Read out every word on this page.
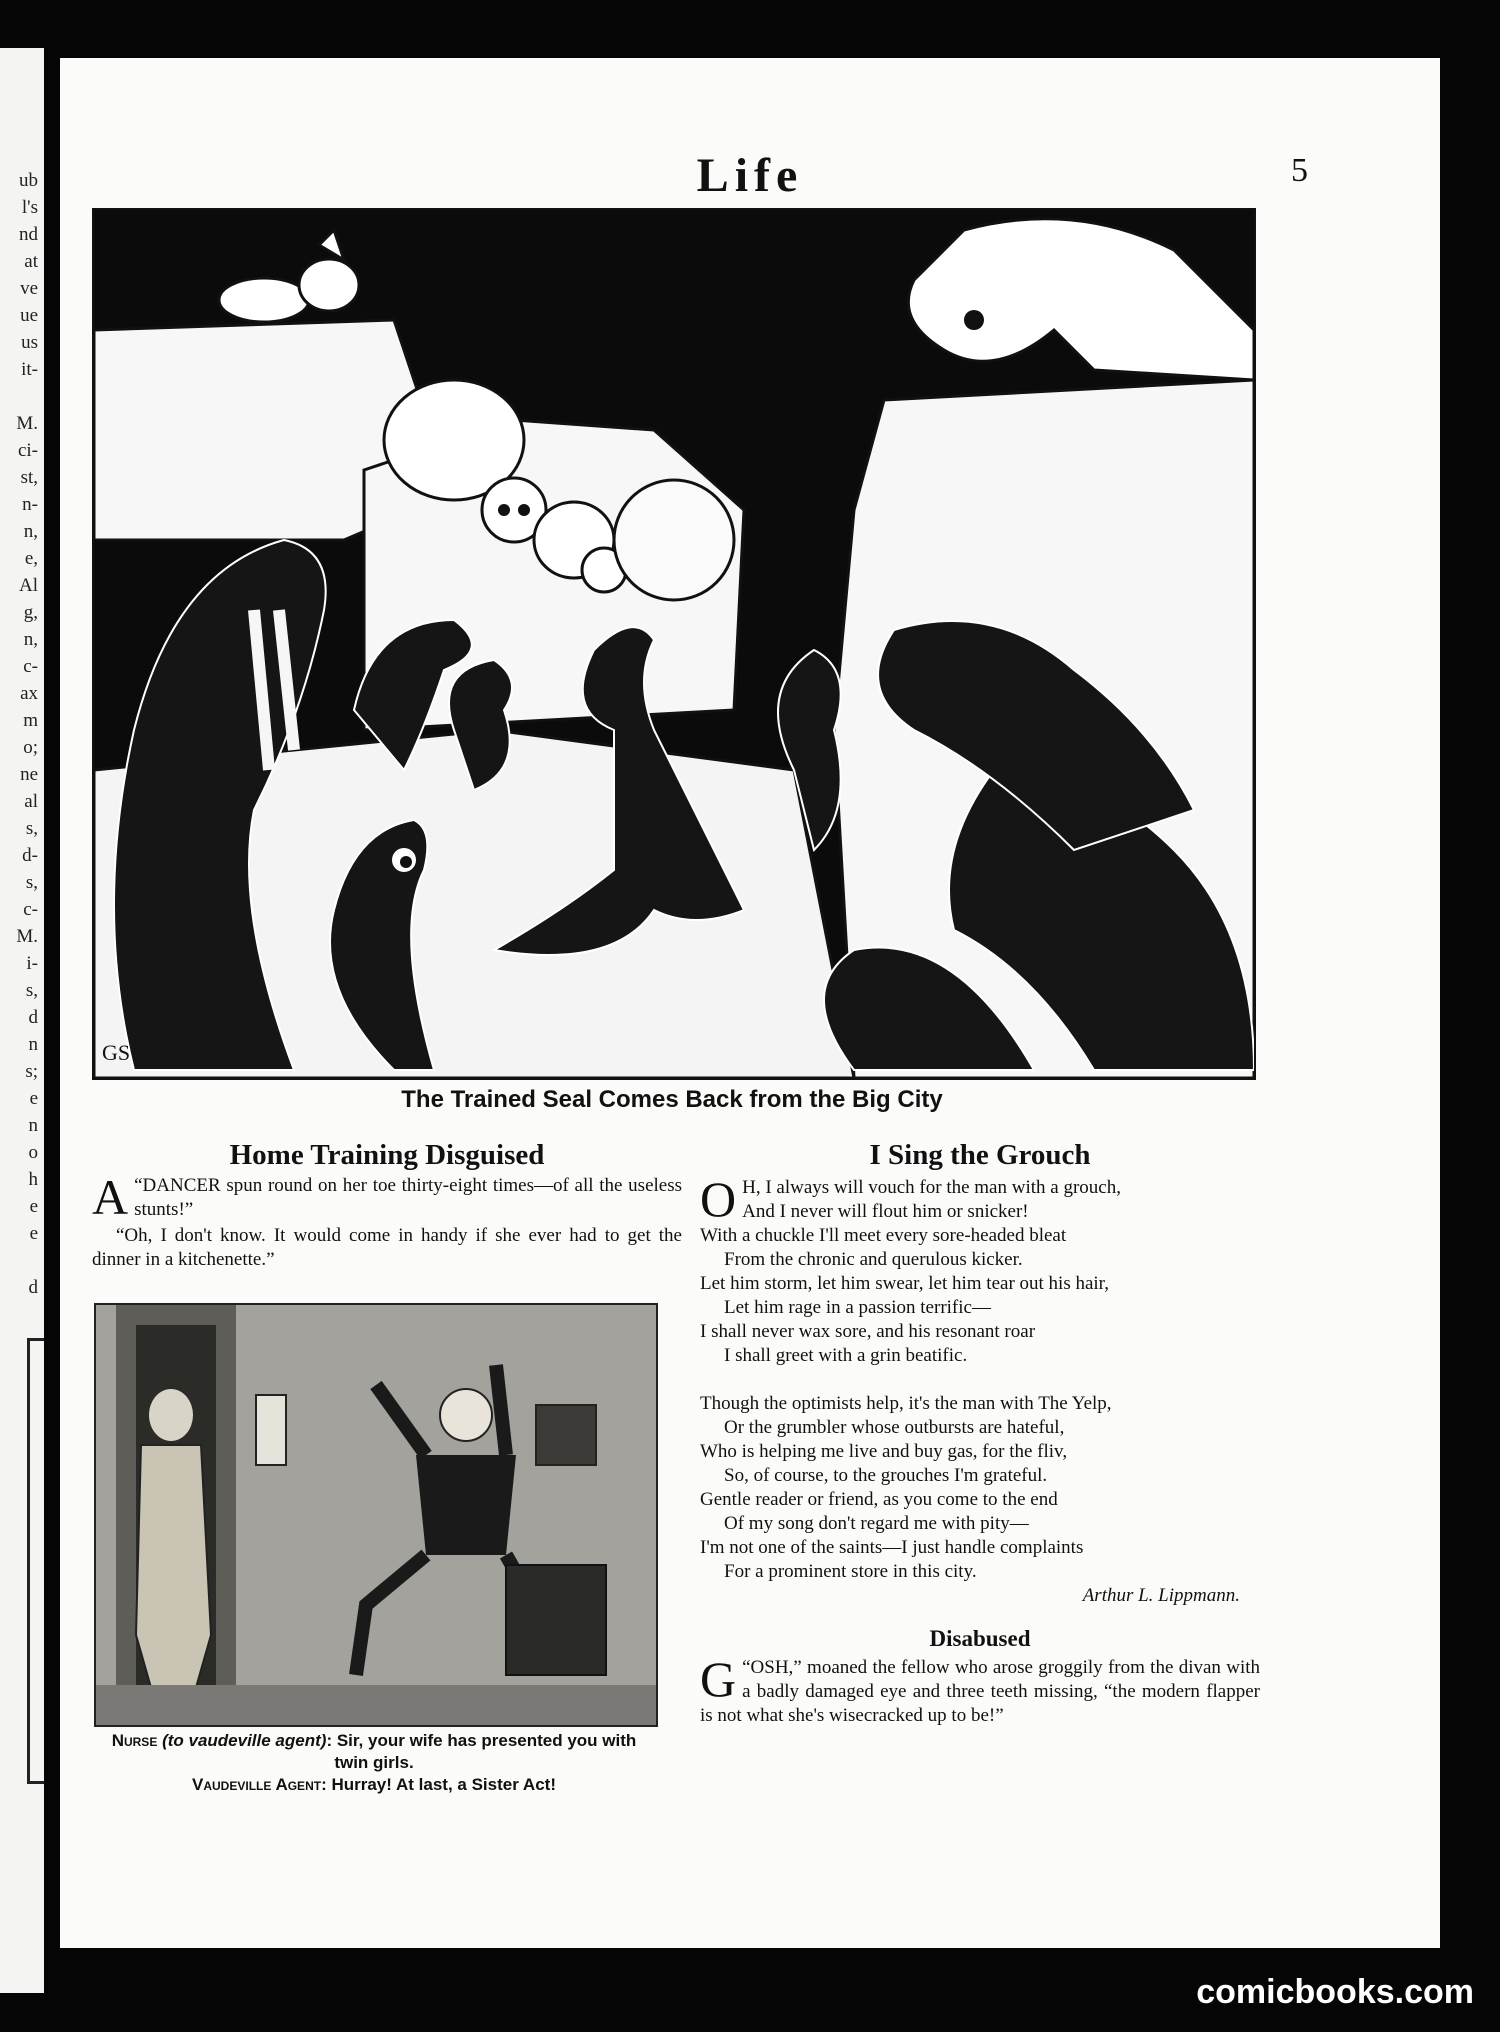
ub
l's
nd
at
ve
ue
us
it-
M.
ci-
st,
n-
n,
e,
Al
g,
n,
c-
ax
m
o;
ne
al
s,
d-
s,
c-
M.
i-
s,
d
n
s;
e
n
o
h
e
e
d
Life	5
GS
The Trained Seal Comes Back from the Big City
Home Training Disguised

“
A DANCER spun round on her toe thirty-eight times—of all the useless stunts!”

“Oh, I don't know. It would come in handy if she ever had to get the dinner in a kitchenette.”

Nurse (to vaudeville agent): Sir, your wife has presented you with twin girls.
Vaudeville Agent: Hurray! At last, a Sister Act!
I Sing the Grouch
O H, I always will vouch for the man with a grouch,
And I never will flout him or snicker!
With a chuckle I'll meet every sore-headed bleat
From the chronic and querulous kicker.
Let him storm, let him swear, let him tear out his hair,
Let him rage in a passion terrific—
I shall never wax sore, and his resonant roar
I shall greet with a grin beatific.
Though the optimists help, it's the man with The Yelp,
Or the grumbler whose outbursts are hateful,
Who is helping me live and buy gas, for the fliv,
So, of course, to the grouches I'm grateful.
Gentle reader or friend, as you come to the end
Of my song don't regard me with pity—
I'm not one of the saints—I just handle complaints
For a prominent store in this city.
Arthur L. Lippmann.
Disabused

“
G OSH,” moaned the fellow who arose groggily from the divan with a badly damaged eye and three teeth missing, “the modern flapper is not what she's wisecracked up to be!”

comicbooks.com
